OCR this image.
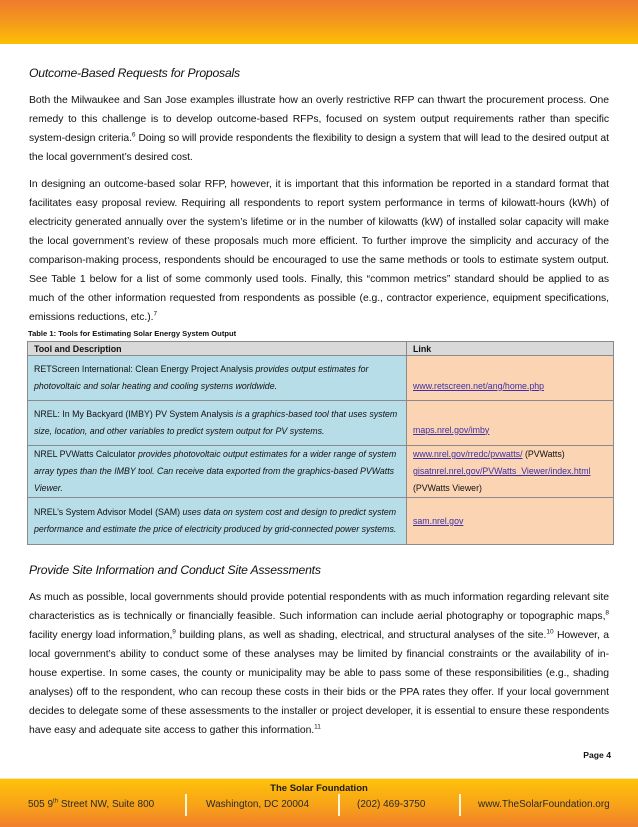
Outcome-Based Requests for Proposals

Both the Milwaukee and San Jose examples illustrate how an overly restrictive RFP can thwart the procurement process. One remedy to this challenge is to develop outcome-based RFPs, focused on system output requirements rather than specific system-design criteria.$^6$ Doing so will provide respondents the flexibility to design a system that will lead to the desired output at the local government’s desired cost.

In designing an outcome-based solar RFP, however, it is important that this information be reported in a standard format that facilitates easy proposal review. Requiring all respondents to report system performance in terms of kilowatt-hours (kWh) of electricity generated annually over the system’s lifetime or in the number of kilowatts (kW) of installed solar capacity will make the local government’s review of these proposals much more efficient. To further improve the simplicity and accuracy of the comparison-making process, respondents should be encouraged to use the same methods or tools to estimate system output. See Table 1 below for a list of some commonly used tools. Finally, this “common metrics” standard should be applied to as much of the other information requested from respondents as possible (e.g., contractor experience, equipment specifications, emissions reductions, etc.).$^7$

Table 1: Tools for Estimating Solar Energy System Output
Tool and Description	Link
RETScreen International: Clean Energy Project Analysis provides output estimates for photovoltaic and solar heating and cooling systems worldwide.	www.retscreen.net/ang/home.php

NREL: In My Backyard (IMBY) PV System Analysis is a graphics-based tool that uses system size, location, and other variables to predict system output for PV systems.	maps.nrel.gov/imby

NREL PVWatts Calculator provides photovoltaic output estimates for a wider range of system array types than the IMBY tool. Can receive data exported from the graphics-based PVWatts Viewer.	www.nrel.gov/rredc/pvwatts/ (PVWatts)
gisatnrel.nrel.gov/PVWatts_Viewer/index.html
(PVWatts Viewer)

NREL’s System Advisor Model (SAM) uses data on system cost and design to predict system performance and estimate the price of electricity produced by grid-connected power systems.	sam.nrel.gov
Provide Site Information and Conduct Site Assessments

As much as possible, local governments should provide potential respondents with as much information regarding relevant site characteristics as is technically or financially feasible. Such information can include aerial photography or topographic maps,$^8$ facility energy load information,$^9$ building plans, as well as shading, electrical, and structural analyses of the site.$^{10}$ However, a local government’s ability to conduct some of these analyses may be limited by financial constraints or the availability of in-house expertise. In some cases, the county or municipality may be able to pass some of these responsibilities (e.g., shading analyses) off to the respondent, who can recoup these costs in their bids or the PPA rates they offer. If your local government decides to delegate some of these assessments to the installer or project developer, it is essential to ensure these respondents have easy and adequate site access to gather this information.$^{11}$

Page 4
The Solar Foundation
505 9th Street NW, Suite 800	Washington, DC 20004	(202) 469-3750	www.TheSolarFoundation.org
